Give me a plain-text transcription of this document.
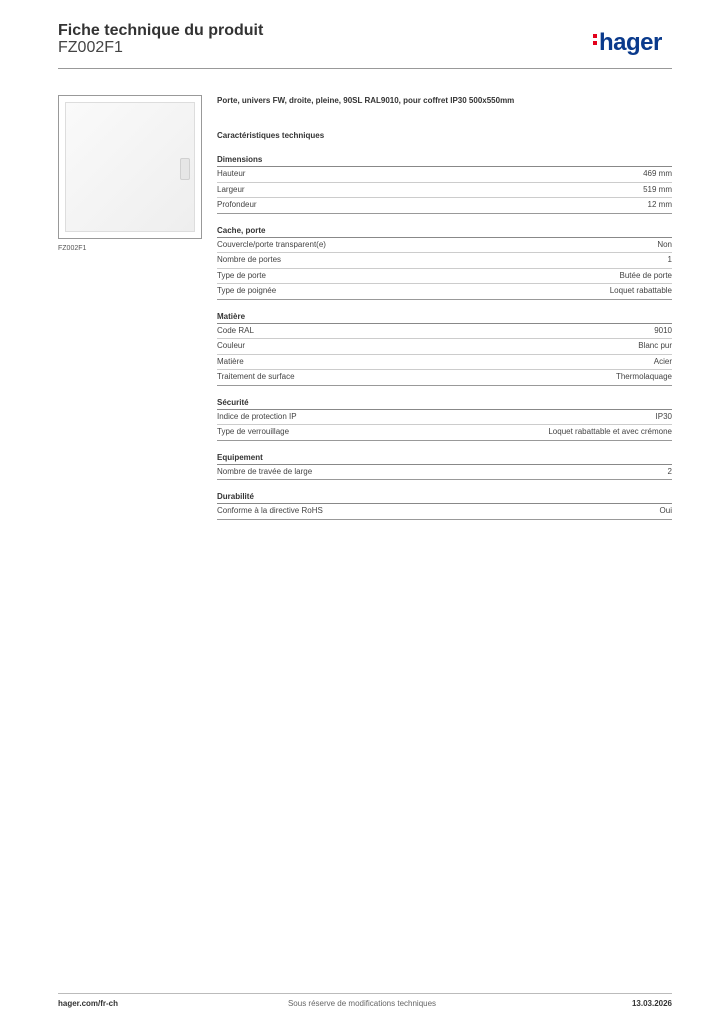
Fiche technique du produit
FZ002F1	hager
FZ002F1
Porte, univers FW, droite, pleine, 90SL RAL9010, pour coffret IP30 500x550mm
Caractéristiques techniques
Dimensions
Hauteur	469 mm
Largeur	519 mm
Profondeur	12 mm
Cache, porte
Couvercle/porte transparent(e)	Non
Nombre de portes	1
Type de porte	Butée de porte
Type de poignée	Loquet rabattable
Matière
Code RAL	9010
Couleur	Blanc pur
Matière	Acier
Traitement de surface	Thermolaquage
Sécurité
Indice de protection IP	IP30
Type de verrouillage	Loquet rabattable et avec crémone
Equipement
Nombre de travée de large	2
Durabilité
Conforme à la directive RoHS	Oui
hager.com/fr-ch	Sous réserve de modifications techniques	13.03.2026
